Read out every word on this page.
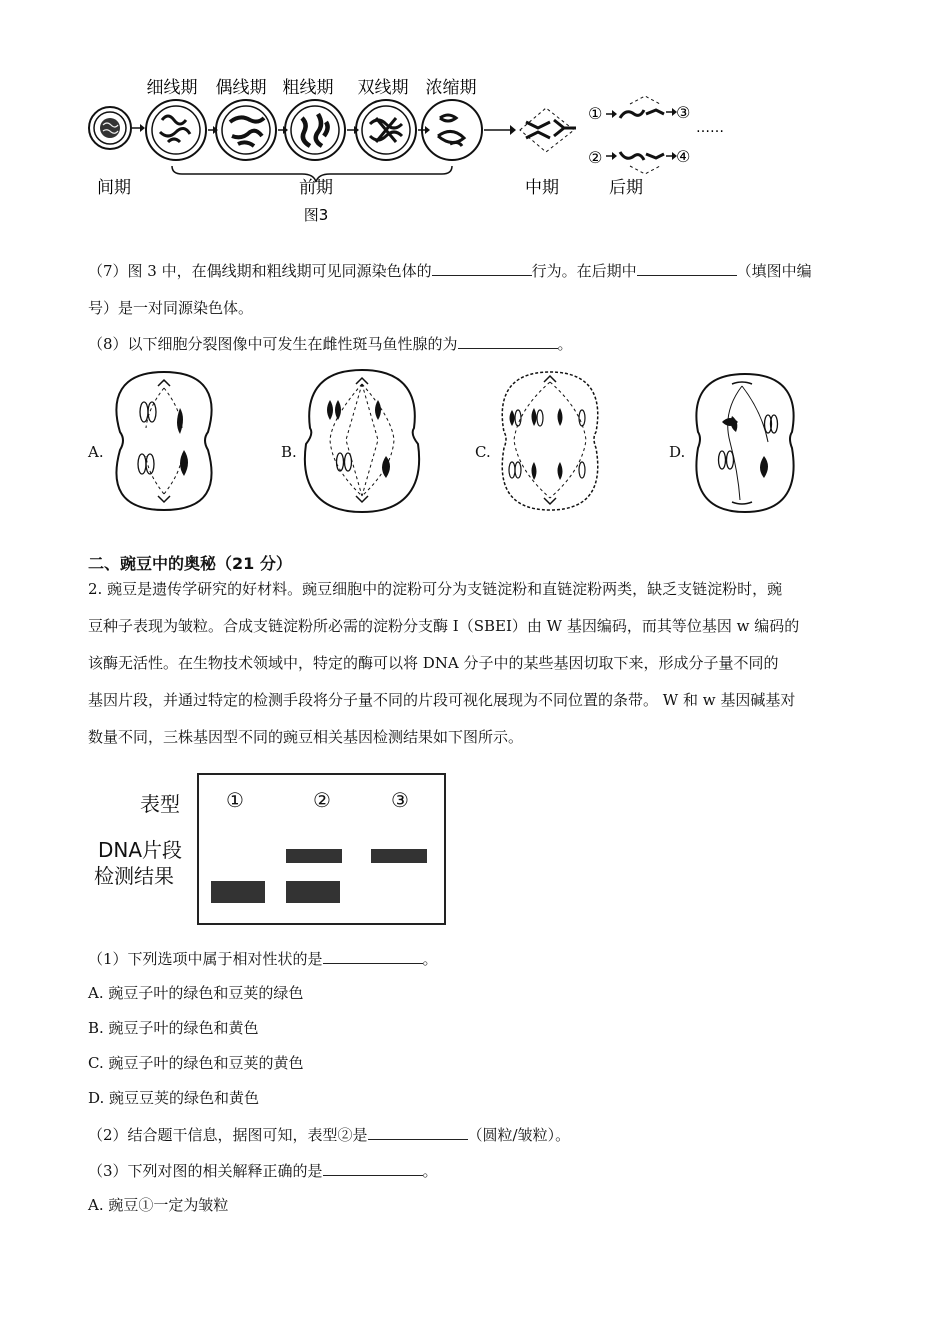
细线期 偶线期 粗线期 双线期 浓缩期
①
②
③
④
……
间期	前期	中期	后期
图3
（7）图 3 中，在偶线期和粗线期可见同源染色体的	行为。在后期中	（填图中编
号）是一对同源染色体。
（8）以下细胞分裂图像中可发生在雌性斑马鱼性腺的为	。
A.	B.	C.	D.
二、豌豆中的奥秘（21 分）
2. 豌豆是遗传学研究的好材料。豌豆细胞中的淀粉可分为支链淀粉和直链淀粉两类，缺乏支链淀粉时，豌
豆种子表现为皱粒。合成支链淀粉所必需的淀粉分支酶 I（SBEI）由 W 基因编码，而其等位基因 w 编码的
该酶无活性。在生物技术领域中，特定的酶可以将 DNA 分子中的某些基因切取下来，形成分子量不同的
基因片段，并通过特定的检测手段将分子量不同的片段可视化展现为不同位置的条带。 W 和 w 基因碱基对
数量不同，三株基因型不同的豌豆相关基因检测结果如下图所示。
表型
DNA片段
检测结果
①	②	③
（1）下列选项中属于相对性状的是	。
A. 豌豆子叶的绿色和豆荚的绿色
B. 豌豆子叶的绿色和黄色
C. 豌豆子叶的绿色和豆荚的黄色
D. 豌豆豆荚的绿色和黄色
（2）结合题干信息，据图可知，表型②是	（圆粒/皱粒）。
（3）下列对图的相关解释正确的是	。
A. 豌豆①一定为皱粒
